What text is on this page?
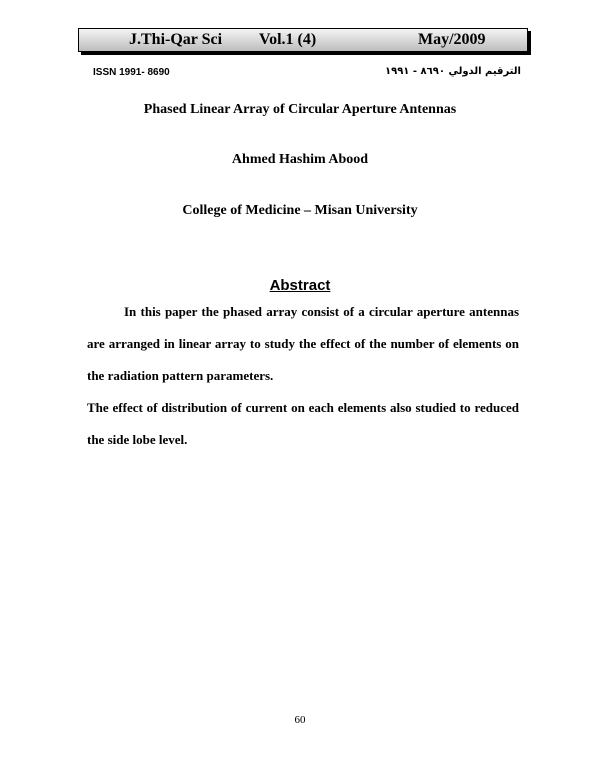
J.Thi-Qar Sci Vol.1 (4)	May/2009
ISSN 1991- 8690	الترقيم الدولي ٨٦٩٠ - ١٩٩١
Phased Linear Array of Circular Aperture Antennas
Ahmed Hashim Abood
College of Medicine – Misan University
Abstract

In this paper the phased array consist of a circular aperture antennas are arranged in linear array to study the effect of the number of elements on the radiation pattern parameters.

The effect of distribution of current on each elements also studied to reduced the side lobe level.

60
